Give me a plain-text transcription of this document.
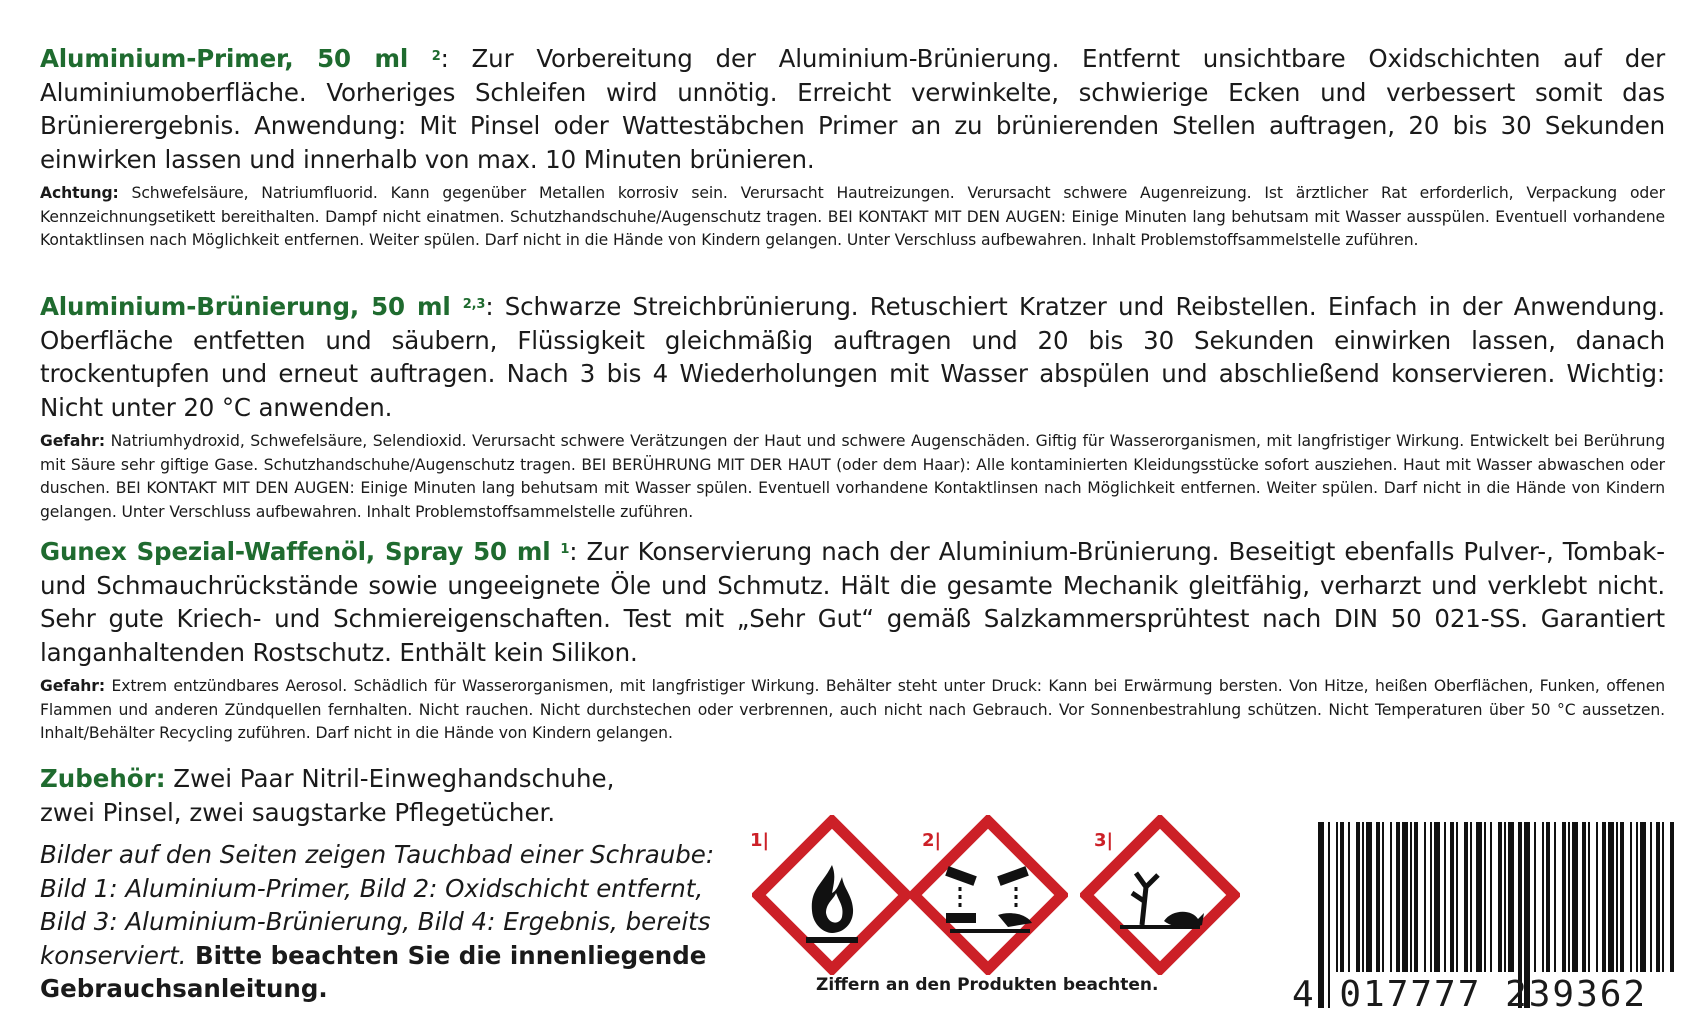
Aluminium-Primer, 50 ml $^2$: Zur Vorbereitung der Aluminium-Brünierung. Entfernt unsichtbare Oxidschichten auf der Aluminiumoberfläche. Vorheriges Schleifen wird unnötig. Erreicht verwinkelte, schwierige Ecken und verbessert somit das Brünierergebnis. Anwendung: Mit Pinsel oder Wattestäbchen Primer an zu brünierenden Stellen auftragen, 20 bis 30 Sekunden einwirken lassen und innerhalb von max. 10 Minuten brünieren.

Achtung: Schwefelsäure, Natriumfluorid. Kann gegenüber Metallen korrosiv sein. Verursacht Hautreizungen. Verursacht schwere Augenreizung. Ist ärztlicher Rat erforderlich, Verpackung oder Kennzeichnungsetikett bereithalten. Dampf nicht einatmen. Schutzhandschuhe/Augenschutz tragen. BEI KONTAKT MIT DEN AUGEN: Einige Minuten lang behutsam mit Wasser ausspülen. Eventuell vorhandene Kontaktlinsen nach Möglichkeit entfernen. Weiter spülen. Darf nicht in die Hände von Kindern gelangen. Unter Verschluss aufbewahren. Inhalt Problemstoffsammelstelle zuführen.

Aluminium-Brünierung, 50 ml $^{2,3}$: Schwarze Streichbrünierung. Retuschiert Kratzer und Reibstellen. Einfach in der Anwendung. Oberfläche entfetten und säubern, Flüssigkeit gleichmäßig auftragen und 20 bis 30 Sekunden einwirken lassen, danach trockentupfen und erneut auftragen. Nach 3 bis 4 Wiederholungen mit Wasser abspülen und abschließend konservieren. Wichtig: Nicht unter 20 °C anwenden.

Gefahr: Natriumhydroxid, Schwefelsäure, Selendioxid. Verursacht schwere Verätzungen der Haut und schwere Augenschäden. Giftig für Wasserorganismen, mit langfristiger Wirkung. Entwickelt bei Berührung mit Säure sehr giftige Gase. Schutzhandschuhe/Augenschutz tragen. BEI BERÜHRUNG MIT DER HAUT (oder dem Haar): Alle kontaminierten Kleidungsstücke sofort ausziehen. Haut mit Wasser abwaschen oder duschen. BEI KONTAKT MIT DEN AUGEN: Einige Minuten lang behutsam mit Wasser spülen. Eventuell vorhandene Kontaktlinsen nach Möglichkeit entfernen. Weiter spülen. Darf nicht in die Hände von Kindern gelangen. Unter Verschluss aufbewahren. Inhalt Problemstoffsammelstelle zuführen.

Gunex Spezial-Waffenöl, Spray 50 ml $^1$: Zur Konservierung nach der Aluminium-Brünierung. Beseitigt ebenfalls Pulver-, Tombak- und Schmauchrückstände sowie ungeeignete Öle und Schmutz. Hält die gesamte Mechanik gleitfähig, verharzt und verklebt nicht. Sehr gute Kriech- und Schmiereigenschaften. Test mit „Sehr Gut“ gemäß Salzkammersprühtest nach DIN 50 021-SS. Garantiert langanhaltenden Rostschutz. Enthält kein Silikon.

Gefahr: Extrem entzündbares Aerosol. Schädlich für Wasserorganismen, mit langfristiger Wirkung. Behälter steht unter Druck: Kann bei Erwärmung bersten. Von Hitze, heißen Oberflächen, Funken, offenen Flammen und anderen Zündquellen fernhalten. Nicht rauchen. Nicht durchstechen oder verbrennen, auch nicht nach Gebrauch. Vor Sonnenbestrahlung schützen. Nicht Temperaturen über 50 °C aussetzen. Inhalt/Behälter Recycling zuführen. Darf nicht in die Hände von Kindern gelangen.

Zubehör: Zwei Paar Nitril-Einweghandschuhe,

zwei Pinsel, zwei saugstarke Pflegetücher.

Bilder auf den Seiten zeigen Tauchbad einer Schraube: Bild 1: Aluminium-Primer, Bild 2: Oxidschicht entfernt, Bild 3: Aluminium-Brünierung, Bild 4: Ergebnis, bereits konserviert. Bitte beachten Sie die innenliegende Gebrauchsanleitung.

1|	2|	3|
Ziffern an den Produkten beachten.	4 017777 239362
